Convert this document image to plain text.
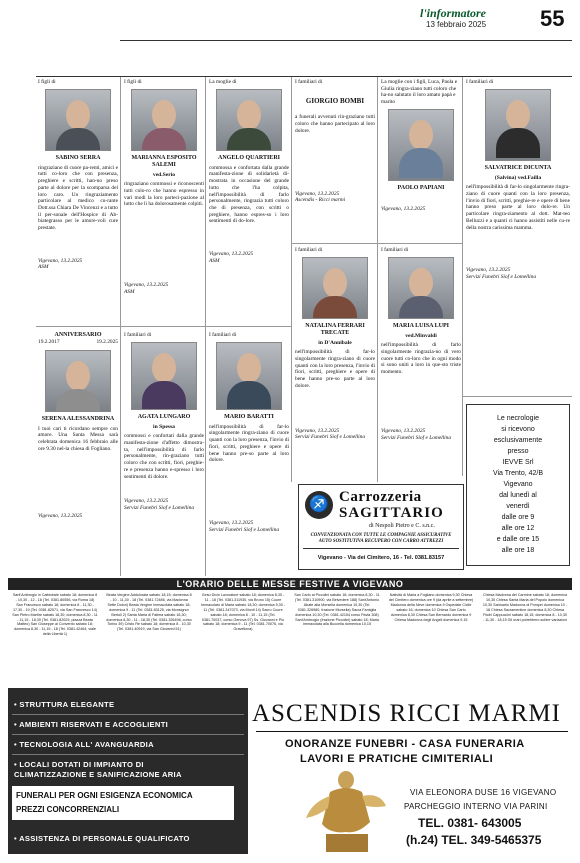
l'informatore
13 febbraio 2025 55
I figli di
SABINO SERRA
ringraziano di cuore pa-renti, amici e tutti co-loro che con presenza, preghiere e scritti, han-no preso parte al dolore per la scomparsa del loro caro. Un ringraziamento particolare al medico cu-rante Dott.ssa Chiara De Vincenzi e a tutto il per-sonale dell'Hospice di Ab-biategrasso per le amore-voli cure prestate.
Vigevano, 13.2.2025
ASM
I figli di
MARIANNA ESPOSITO SALEMI
ved.Serio
ringraziano commossi e riconoscenti tutti colo-ro che hanno espresso in vari modi la loro parteci-pazione al lutto che li ha dolorosamente colpiti.
Vigevano, 13.2.2025
ASM
La moglie di
ANGELO QUARTIERI
commossa e confortata dalla grande manifesta-zione di solidarietà di-mostrata in occasione del grande lutto che l'ha colpita, nell'impossibilità di farlo personalmente, ringrazia tutti coloro che di presenza, con scritti o preghiere, hanno espres-so i loro sentimenti di do-lore.
Vigevano, 13.2.2025
ASM
I familiari di
GIORGIO BOMBI
a funerali avvenuti rin-graziano tutti coloro che hanno partecipato al loro dolore.
Vigevano, 13.2.2025
Ascendis - Ricci marmi
La moglie con i figli, Luca, Paola e Giulia ringra-ziano tutti coloro che ha-no salutato il loro amato papà e marito
PAOLO PAPIANI
Vigevano, 13.2.2025
I familiari di
SALVATRICE DICUNTA
(Salvina) ved.Failla
nell'impossibilità di far-lo singolarmente ringra-ziano di cuore quanti con la loro presenza, l'invio di fiori, scritti, preghie-re e opere di bene hanno preso parte al loro dolo-re. Un particolare ringra-ziamento al dott. Mat-teo Belluzzi e a quanti ci hanno assistiti nelle cu-re della nostra carissima mamma.
Vigevano, 13.2.2025
Servizi Funebri Siof e Lomellina
I familiari di
NATALINA FERRARI TRECATE
in D'Annibale
nell'impossibilità di far-lo singolarmente ringra-ziano di cuore quanti con la loro presenza, l'invio di fiori, scritti, preghiere e opere di bene hanno pre-so parte al loro dolore.
Vigevano, 13.2.2025
Servizi Funebri Siof e Lomellina
I familiari di
MARIA LUISA LUPI
ved.Minvaldi
nell'impossibilità di farlo singolarmente ringrazia-no di vero cuore tutti co-loro che in ogni modo si sono uniti a loro in que-sto triste momento.
Vigevano, 13.2.2025
Servizi Funebri Siof e Lomellina
ANNIVERSARIO
19.2.2017	19.2.2025
SERENA ALESSANDRINA
I tuoi cari ti ricordano sempre con amore. Una Santa Messa sarà celebrata domenica 16 febbraio alle ore 9.30 nel-la chiesa di Fogliano.
Vigevano, 13.2.2025
I familiari di
AGATA LUNGARO
in Spessa
commossi e confortati dalla grande manifesta-zione d'affetto dimostra-ta, nell'impossibilità di farlo personalmente, rin-graziano tutti coloro che con scritti, fiori, preghie-re e presenza hanno e-spresso i loro sentimenti di dolore.
Vigevano, 13.2.2025
Servizi Funebri Siof e Lomellina
I familiari di
MARIO BARATTI
nell'impossibilità di far-lo singolarmente ringra-ziano di cuore quanti con la loro presenza, l'invio di fiori, scritti, preghiere e opere di bene hanno pre-so parte al loro dolore.
Vigevano, 13.2.2025
Servizi Funebri Siof e Lomellina
♐ Carrozzeria
SAGITTARIO
di Nespoli Pietro e C. s.n.c.
CONVENZIONATA CON TUTTE LE COMPAGNIE ASSICURATIVE
AUTO SOSTITUTIVA RECUPERO CON CARRO ATTREZZI
Vigevano - Via dei Cimitero, 16 - Tel. 0381.83157
Le necrologie
si ricevono
esclusivamente
presso
IEVVE Srl
Via Trento, 42/B
Vigevano
dal lunedì al
venerdì
dalle ore 9
alle ore 12
e dalle ore 15
alle ore 18
L'ORARIO DELLE MESSE FESTIVE A VIGEVANO
Sant'Ambrogio in Cattedrale sabato 18; domenica 8 - 10,30 - 12 - 18 (Tel. 0381.80556, via Roma 18) San Francesco sabato 18; domenica 8 - 11,30 - 17,30 - 19 (Tel. 0381.82571, via San Francesco 14) San Pietro Martire sabato 18,30; domenica 8,30 - 11 - 11,15 - 18,30 (Tel. 0381.82029, piazza Beata Matteo) San Giuseppe al Convento sabato 18; domenica 8,30 - 11,15 - 18 (Tel. 0381.42464, viale della Libertà 1)
Beata Vergine Addolorata sabato 18,15; domenica 8 - 10 - 11,30 - 18 (Tel. 0381.72486, via Madonna Sette Dolori) Beata Vergine Immacolata sabato 18; domenica 9 - 11 (Tel. 0381.83125, via Monsignor Bertoli 2) Santa Maria di Fatima sabato 18,30; domenica 8,30 - 11 - 18,30 (Tel. 0381.326498, corso Torino 39) Cristo Re sabato 18; domenica 8 - 10,30 (Tel. 0381.40919, via San Giovanni 51)
Gesù Divin Lavoratore sabato 18; domenica 8,30 - 11 - 18 (Tel. 0381.311930, via Bruno 15) Cuore Immacolato di Maria sabato 18,30; domenica 9,30 - 11 (Tel. 0381.347073, via Monti 14) Sacro Cuore sabato 18; domenica 8 - 10 - 11,15 (Tel. 0381.70037, corso Genova 97) Ss. Giovanni e Pio sabato 18; domenica 9 - 11 (Tel. 0381.70076, via Gravellona)
San Carlo ai Piccolini sabato 18; domenica 8,30 - 11 (Tel. 0381.310900, via Belvedere 188) Sant'Antonio Abate alla Morsella domenica 10,30 (Tel. 0381.326980, frazione Morsella) Sacra Famiglia domenica 10,30 (Tel. 0381.42154 corso Pavia 308) Sant'Ambrogio (frazione Piccolini) sabato 18; Maria Immacolata alla Buccella domenica 10,15
Natività di Maria a Fogliano domenica 9,30 Chiesa del Cimitero domenica ore 9 (da aprile a settembre) Madonna della Neve domenica 9 Ospedale Civile sabato 16, domenica 10 Chiesa San Carlo domenica 8,30 Chiesa San Bernardo domenica 9 Chiesa Madonna degli Angeli domenica 9,15
Chiesa Madonna del Carmine sabato 18; domenica 10,30 Chiesa Santa Maria del Popolo domenica 10,30 Santuario Madonna di Pompei domenica 10 - 18 Chiesa Sacramentine domenica 8,30 Chiesa Padri Cappuccini sabato 18,15; domenica 8 - 10,30 - 11,30 - 18,15 Gli orari potrebbero subire variazioni
• STRUTTURA ELEGANTE
• AMBIENTI RISERVATI E ACCOGLIENTI
• TECNOLOGIA ALL' AVANGUARDIA
• LOCALI DOTATI DI IMPIANTO DI
CLIMATIZZAZIONE E SANIFICAZIONE ARIA
• ASSISTENZA DI PERSONALE QUALIFICATO
FUNERALI PER OGNI ESIGENZA ECONOMICA
PREZZI CONCORRENZIALI
ASCENDIS RICCI MARMI
ONORANZE FUNEBRI - CASA FUNERARIA
LAVORI E PRATICHE CIMITERIALI
VIA ELEONORA DUSE 16 VIGEVANO
PARCHEGGIO INTERNO VIA PARINI
TEL. 0381- 643005
(h.24) TEL. 349-5465375
